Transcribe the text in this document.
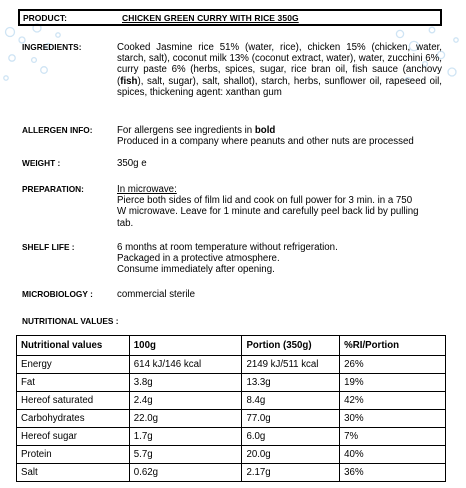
PRODUCT:	CHICKEN GREEN CURRY WITH RICE 350G
INGREDIENTS:	Cooked Jasmine rice 51% (water, rice), chicken 15% (chicken, water, starch, salt), coconut milk 13% (coconut extract, water), water, zucchini 6%, curry paste 6% (herbs, spices, sugar, rice bran oil, fish sauce (anchovy (fish), salt, sugar), salt, shallot), starch, herbs, sunflower oil, rapeseed oil, spices, thickening agent: xanthan gum
ALLERGEN INFO:	For allergens see ingredients in bold
Produced in a company where peanuts and other nuts are processed
WEIGHT :	350g e
PREPARATION:	In microwave:
Pierce both sides of film lid and cook on full power for 3 min. in a 750
W microwave. Leave for 1 minute and carefully peel back lid by pulling
tab.
SHELF LIFE :	6 months at room temperature without refrigeration.
Packaged in a protective atmosphere.
Consume immediately after opening.
MICROBIOLOGY :	commercial sterile
NUTRITIONAL VALUES :
Nutritional values	100g	Portion (350g)	%RI/Portion
Energy	614 kJ/146 kcal	2149 kJ/511 kcal	26%
Fat	3.8g	13.3g	19%
Hereof saturated	2.4g	8.4g	42%
Carbohydrates	22.0g	77.0g	30%
Hereof sugar	1.7g	6.0g	7%
Protein	5.7g	20.0g	40%
Salt	0.62g	2.17g	36%
